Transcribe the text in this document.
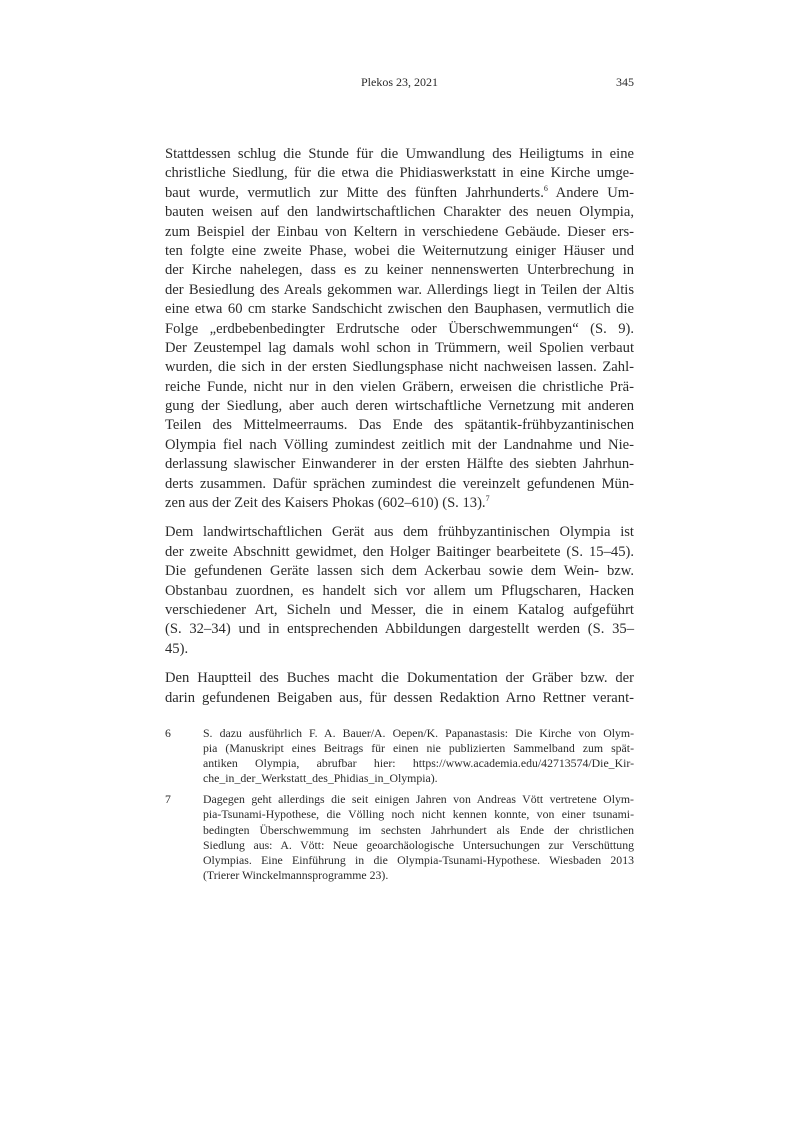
Plekos 23, 2021	345
Stattdessen schlug die Stunde für die Umwandlung des Heiligtums in eine
christliche Siedlung, für die etwa die Phidiaswerkstatt in eine Kirche umge-
baut wurde, vermutlich zur Mitte des fünften Jahrhunderts.$^6$ Andere Um-
bauten weisen auf den landwirtschaftlichen Charakter des neuen Olympia,
zum Beispiel der Einbau von Keltern in verschiedene Gebäude. Dieser ers-
ten folgte eine zweite Phase, wobei die Weiternutzung einiger Häuser und
der Kirche nahelegen, dass es zu keiner nennenswerten Unterbrechung in
der Besiedlung des Areals gekommen war. Allerdings liegt in Teilen der Altis
eine etwa 60 cm starke Sandschicht zwischen den Bauphasen, vermutlich die
Folge „erdbebenbedingter Erdrutsche oder Überschwemmungen“ (S. 9).
Der Zeustempel lag damals wohl schon in Trümmern, weil Spolien verbaut
wurden, die sich in der ersten Siedlungsphase nicht nachweisen lassen. Zahl-
reiche Funde, nicht nur in den vielen Gräbern, erweisen die christliche Prä-
gung der Siedlung, aber auch deren wirtschaftliche Vernetzung mit anderen
Teilen des Mittelmeerraums. Das Ende des spätantik-frühbyzantinischen
Olympia fiel nach Völling zumindest zeitlich mit der Landnahme und Nie-
derlassung slawischer Einwanderer in der ersten Hälfte des siebten Jahrhun-
derts zusammen. Dafür sprächen zumindest die vereinzelt gefundenen Mün-
zen aus der Zeit des Kaisers Phokas (602–610) (S. 13).$^7$
Dem landwirtschaftlichen Gerät aus dem frühbyzantinischen Olympia ist
der zweite Abschnitt gewidmet, den Holger Baitinger bearbeitete (S. 15–45).
Die gefundenen Geräte lassen sich dem Ackerbau sowie dem Wein- bzw.
Obstanbau zuordnen, es handelt sich vor allem um Pflugscharen, Hacken
verschiedener Art, Sicheln und Messer, die in einem Katalog aufgeführt
(S. 32–34) und in entsprechenden Abbildungen dargestellt werden (S. 35–
45).
Den Hauptteil des Buches macht die Dokumentation der Gräber bzw. der
darin gefundenen Beigaben aus, für dessen Redaktion Arno Rettner verant-
6	S. dazu ausführlich F. A. Bauer/A. Oepen/K. Papanastasis: Die Kirche von Olym-
pia (Manuskript eines Beitrags für einen nie publizierten Sammelband zum spät-
antiken Olympia, abrufbar hier: https://www.academia.edu/42713574/Die_Kir-
che_in_der_Werkstatt_des_Phidias_in_Olympia).
7	Dagegen geht allerdings die seit einigen Jahren von Andreas Vött vertretene Olym-
pia-Tsunami-Hypothese, die Völling noch nicht kennen konnte, von einer tsunami-
bedingten Überschwemmung im sechsten Jahrhundert als Ende der christlichen
Siedlung aus: A. Vött: Neue geoarchäologische Untersuchungen zur Verschüttung
Olympias. Eine Einführung in die Olympia-Tsunami-Hypothese. Wiesbaden 2013
(Trierer Winckelmannsprogramme 23).
